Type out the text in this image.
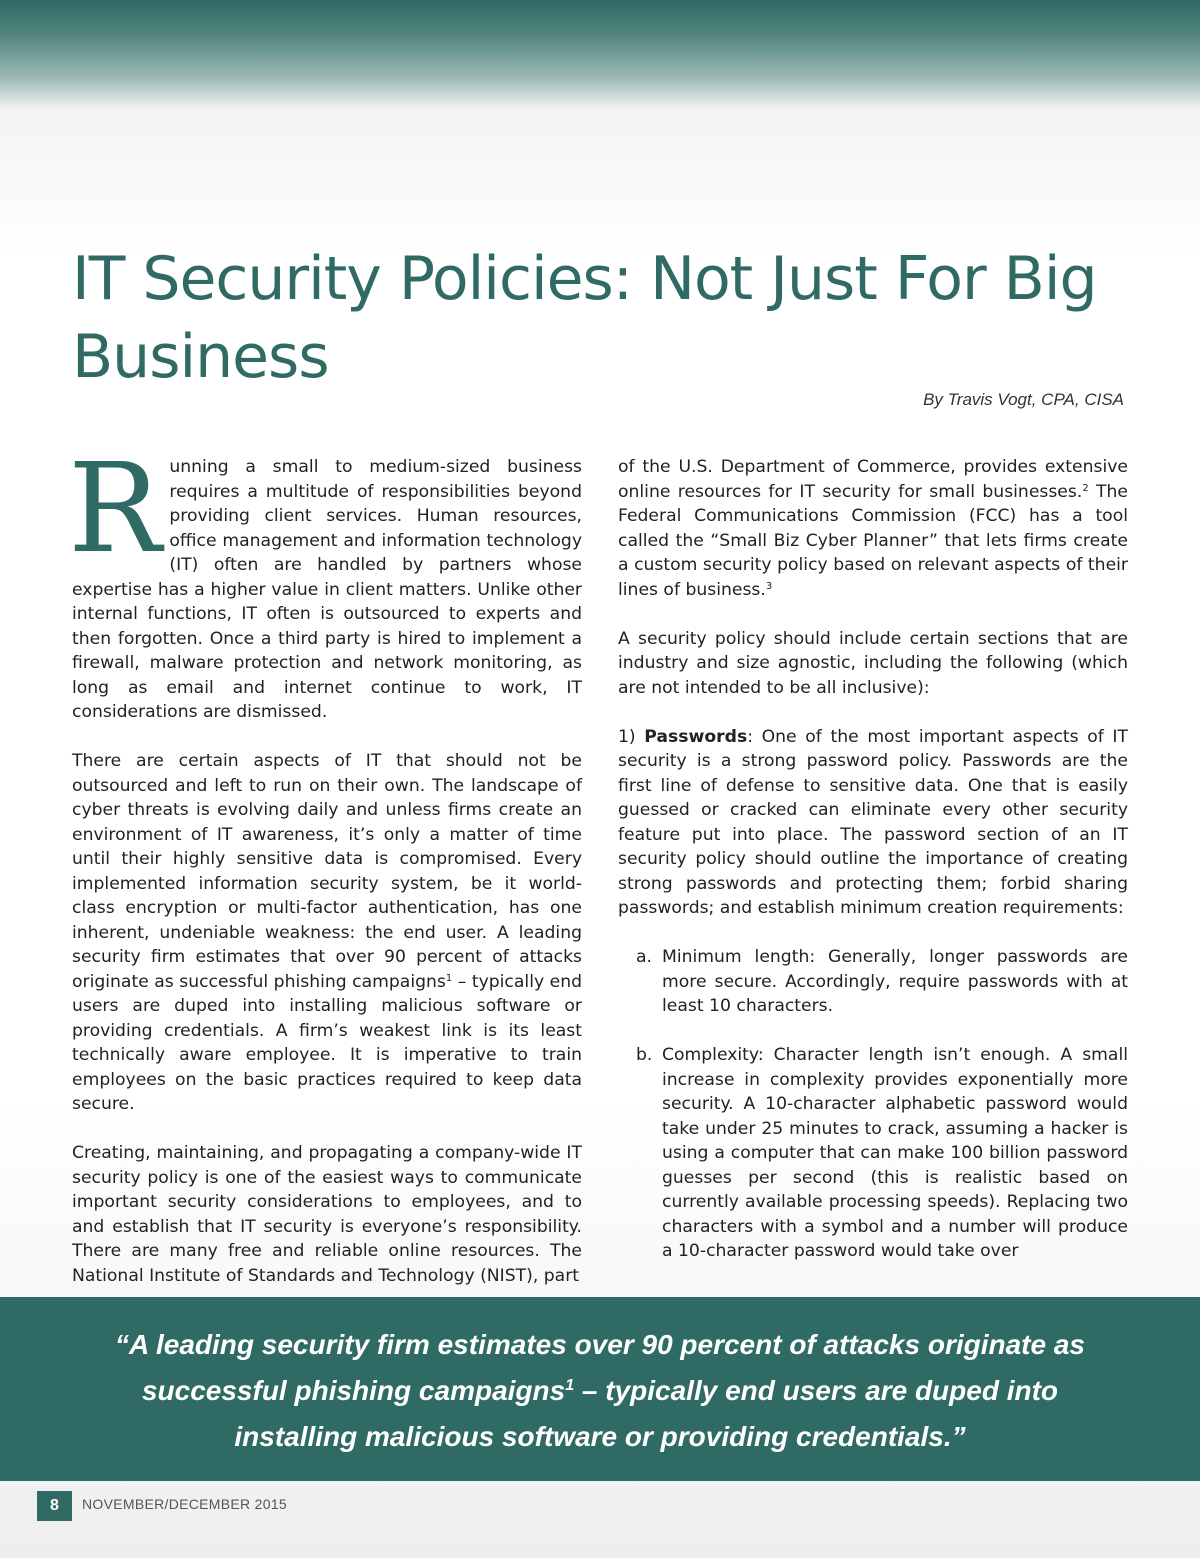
IT Security Policies: Not Just For Big Business

By Travis Vogt, CPA, CISA

Running a small to medium-sized business requires a multitude of responsibilities beyond providing client services. Human resources, office management and information technology (IT) often are handled by partners whose expertise has a higher value in client matters. Unlike other internal functions, IT often is outsourced to experts and then forgotten. Once a third party is hired to implement a firewall, malware protection and network monitoring, as long as email and internet continue to work, IT considerations are dismissed.

There are certain aspects of IT that should not be outsourced and left to run on their own. The landscape of cyber threats is evolving daily and unless firms create an environment of IT awareness, it’s only a matter of time until their highly sensitive data is compromised. Every implemented information security system, be it world-class encryption or multi-factor authentication, has one inherent, undeniable weakness: the end user. A leading security firm estimates that over 90 percent of attacks originate as successful phishing campaigns$^1$ – typically end users are duped into installing malicious software or providing credentials. A firm’s weakest link is its least technically aware employee. It is imperative to train employees on the basic practices required to keep data secure.

Creating, maintaining, and propagating a company-wide IT security policy is one of the easiest ways to communicate important security considerations to employees, and to and establish that IT security is everyone’s responsibility. There are many free and reliable online resources. The National Institute of Standards and Technology (NIST), part

of the U.S. Department of Commerce, provides extensive online resources for IT security for small businesses.$^2$ The Federal Communications Commission (FCC) has a tool called the “Small Biz Cyber Planner” that lets firms create a custom security policy based on relevant aspects of their lines of business.$^3$

A security policy should include certain sections that are industry and size agnostic, including the following (which are not intended to be all inclusive):

1) Passwords: One of the most important aspects of IT security is a strong password policy. Passwords are the first line of defense to sensitive data. One that is easily guessed or cracked can eliminate every other security feature put into place. The password section of an IT security policy should outline the importance of creating strong passwords and protecting them; forbid sharing passwords; and establish minimum creation requirements:

a. Minimum length: Generally, longer passwords are more secure. Accordingly, require passwords with at least 10 characters.
b. Complexity: Character length isn’t enough. A small increase in complexity provides exponentially more security. A 10-character alphabetic password would take under 25 minutes to crack, assuming a hacker is using a computer that can make 100 billion password guesses per second (this is realistic based on currently available processing speeds). Replacing two characters with a symbol and a number will produce a 10-character password would take over

“A leading security firm estimates over 90 percent of attacks originate as successful phishing campaigns$^1$ – typically end users are duped into installing malicious software or providing credentials.”

8	NOVEMBER/DECEMBER 2015
